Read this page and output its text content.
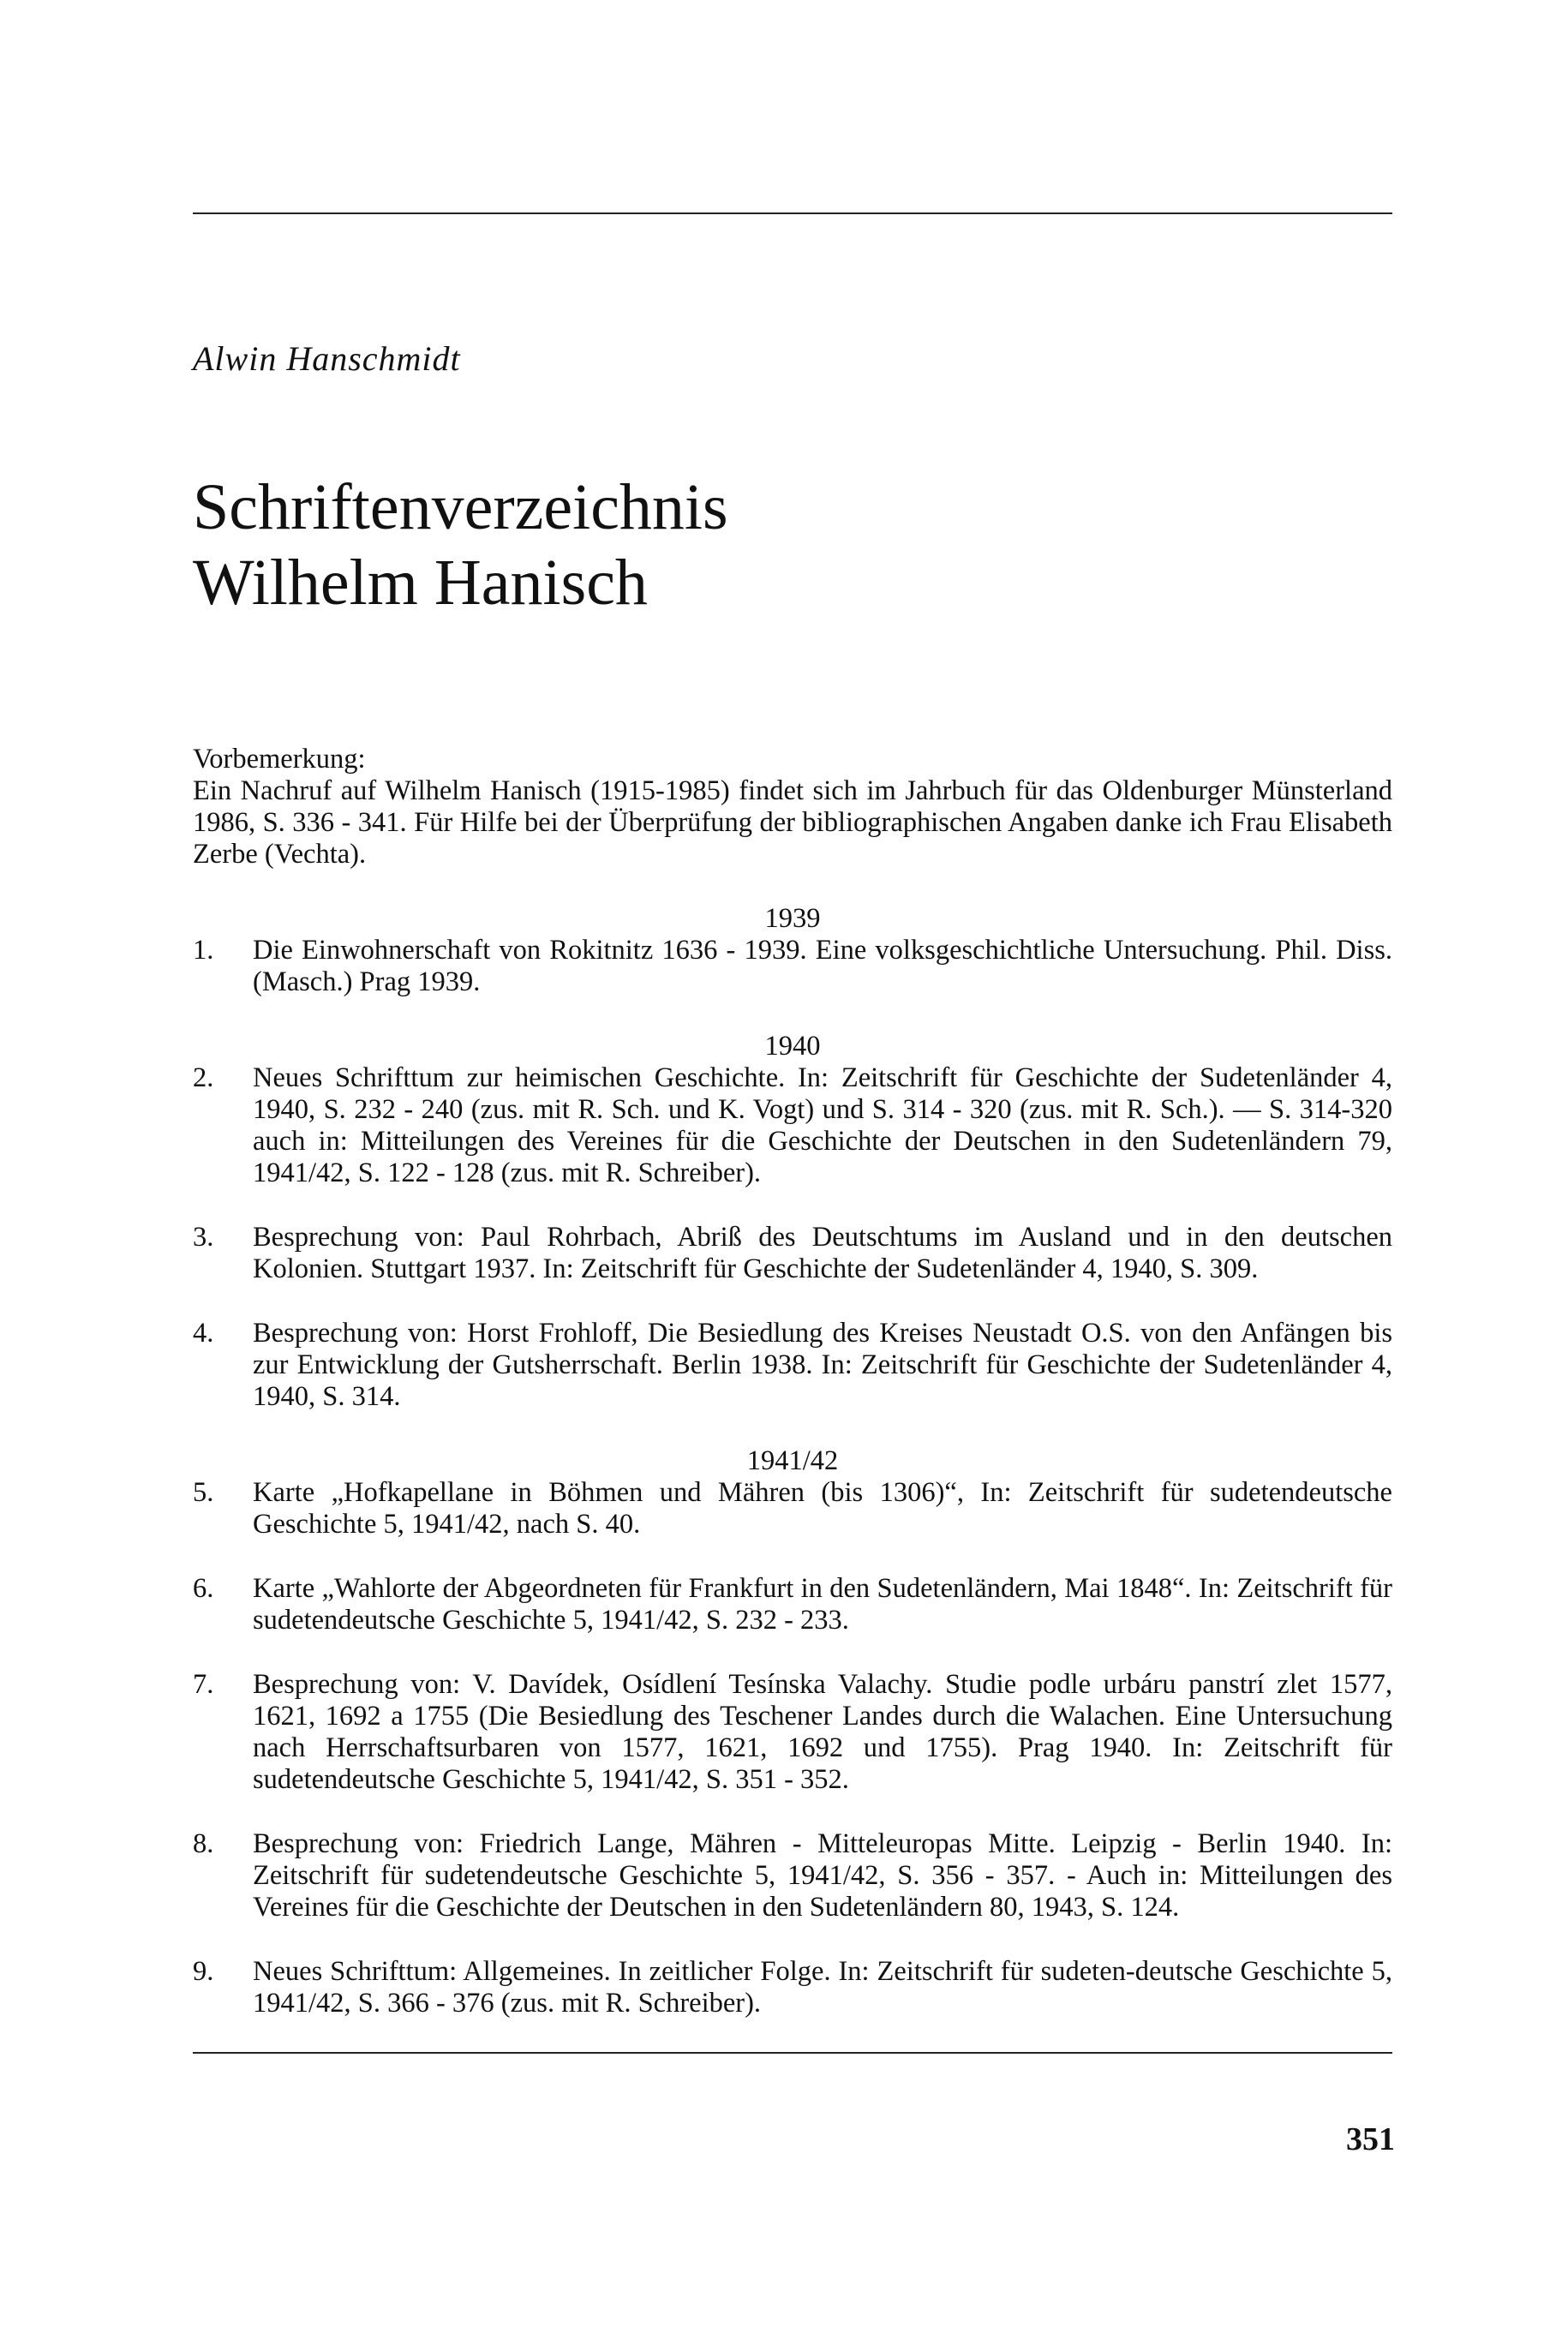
Alwin Hanschmidt
Schriftenverzeichnis
Wilhelm Hanisch
Vorbemerkung:
Ein Nachruf auf Wilhelm Hanisch (1915-1985) findet sich im Jahrbuch für das Oldenburger Münsterland 1986, S. 336 - 341. Für Hilfe bei der Überprüfung der bibliographischen Angaben danke ich Frau Elisabeth Zerbe (Vechta).
1939
1.	Die Einwohnerschaft von Rokitnitz 1636 - 1939. Eine volksgeschichtliche Untersuchung. Phil. Diss. (Masch.) Prag 1939.
1940
2.	Neues Schrifttum zur heimischen Geschichte. In: Zeitschrift für Geschichte der Sudetenländer 4, 1940, S. 232 - 240 (zus. mit R. Sch. und K. Vogt) und S. 314 - 320 (zus. mit R. Sch.). — S. 314-320 auch in: Mitteilungen des Vereines für die Geschichte der Deutschen in den Sudetenländern 79, 1941/42, S. 122 - 128 (zus. mit R. Schreiber).
3.	Besprechung von: Paul Rohrbach, Abriß des Deutschtums im Ausland und in den deutschen Kolonien. Stuttgart 1937. In: Zeitschrift für Geschichte der Sudetenländer 4, 1940, S. 309.
4.	Besprechung von: Horst Frohloff, Die Besiedlung des Kreises Neustadt O.S. von den Anfängen bis zur Entwicklung der Gutsherrschaft. Berlin 1938. In: Zeitschrift für Geschichte der Sudetenländer 4, 1940, S. 314.
1941/42
5.	Karte „Hofkapellane in Böhmen und Mähren (bis 1306)“, In: Zeitschrift für sudetendeutsche Geschichte 5, 1941/42, nach S. 40.
6.	Karte „Wahlorte der Abgeordneten für Frankfurt in den Sudetenländern, Mai 1848“. In: Zeitschrift für sudetendeutsche Geschichte 5, 1941/42, S. 232 - 233.
7.	Besprechung von: V. Davídek, Osídlení Tesínska Valachy. Studie podle urbáru panstrí zlet 1577, 1621, 1692 a 1755 (Die Besiedlung des Teschener Landes durch die Walachen. Eine Untersuchung nach Herrschaftsurbaren von 1577, 1621, 1692 und 1755). Prag 1940. In: Zeitschrift für sudetendeutsche Geschichte 5, 1941/42, S. 351 - 352.
8.	Besprechung von: Friedrich Lange, Mähren - Mitteleuropas Mitte. Leipzig - Berlin 1940. In: Zeitschrift für sudetendeutsche Geschichte 5, 1941/42, S. 356 - 357. - Auch in: Mitteilungen des Vereines für die Geschichte der Deutschen in den Sudetenländern 80, 1943, S. 124.
9.	Neues Schrifttum: Allgemeines. In zeitlicher Folge. In: Zeitschrift für sudeten-deutsche Geschichte 5, 1941/42, S. 366 - 376 (zus. mit R. Schreiber).
351
